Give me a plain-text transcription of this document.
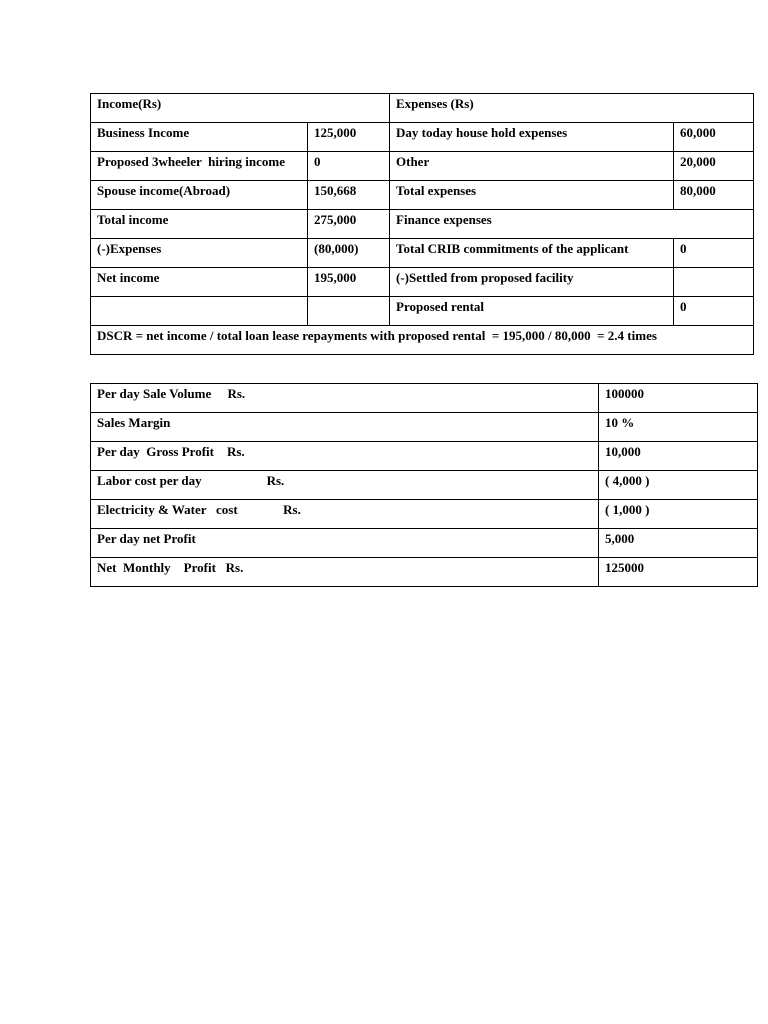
Income(Rs)		Expenses (Rs)	
Business Income	125,000	Day today house hold expenses	60,000
Proposed 3wheeler  hiring income	0	Other	20,000
Spouse income(Abroad)	150,668	Total expenses	80,000
Total income	275,000	Finance expenses	
(-)Expenses	(80,000)	Total CRIB commitments of the applicant	0
Net income	195,000	(-)Settled from proposed facility	
		Proposed rental	0
DSCR = net income / total loan lease repayments with proposed rental  = 195,000 / 80,000  = 2.4 times			
Per day Sale Volume     Rs.	100000
Sales Margin	10 %
Per day  Gross Profit    Rs.	10,000
Labor cost per day                    Rs.	( 4,000 )
Electricity & Water   cost              Rs.	( 1,000 )
Per day net Profit	5,000
Net  Monthly    Profit   Rs.	125000
